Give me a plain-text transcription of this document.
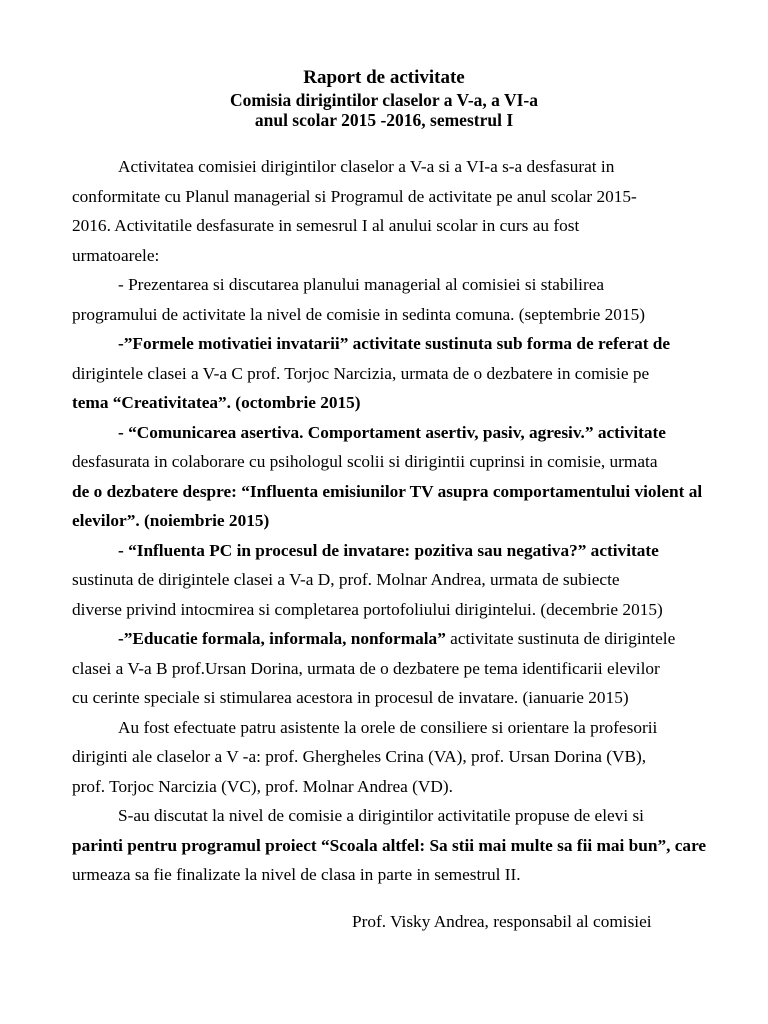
Raport de activitate
Comisia dirigintilor claselor a V-a, a VI-a
anul scolar 2015 -2016, semestrul I

Activitatea comisiei dirigintilor claselor a V-a si a VI-a s-a desfasurat in

conformitate cu Planul managerial si Programul de activitate pe anul scolar 2015-

2016. Activitatile desfasurate in semesrul I al anului scolar in curs au fost

urmatoarele:

- Prezentarea si discutarea planului managerial al comisiei si stabilirea

programului de activitate la nivel de comisie in sedinta comuna. (septembrie 2015)

-”Formele motivatiei invatarii” activitate sustinuta sub forma de referat de

dirigintele clasei a V-a C prof. Torjoc Narcizia, urmata de o dezbatere in comisie pe

tema “Creativitatea”. (octombrie 2015)

- “Comunicarea asertiva. Comportament asertiv, pasiv, agresiv.” activitate

desfasurata in colaborare cu psihologul scolii si dirigintii cuprinsi in comisie, urmata

de o dezbatere despre: “Influenta emisiunilor TV asupra comportamentului violent al

elevilor”. (noiembrie 2015)

- “Influenta PC in procesul de invatare: pozitiva sau negativa?” activitate

sustinuta de dirigintele clasei a V-a D, prof. Molnar Andrea, urmata de subiecte

diverse privind intocmirea si completarea portofoliului dirigintelui. (decembrie 2015)

-”Educatie formala, informala, nonformala” activitate sustinuta de dirigintele

clasei a V-a B prof.Ursan Dorina, urmata de o dezbatere pe tema identificarii elevilor

cu cerinte speciale si stimularea acestora in procesul de invatare. (ianuarie 2015)

Au fost efectuate patru asistente la orele de consiliere si orientare la profesorii

diriginti ale claselor a V -a: prof. Ghergheles Crina (VA), prof. Ursan Dorina (VB),

prof. Torjoc Narcizia (VC), prof. Molnar Andrea (VD).

S-au discutat la nivel de comisie a dirigintilor activitatile propuse de elevi si

parinti pentru programul proiect “Scoala altfel: Sa stii mai multe sa fii mai bun”, care

urmeaza sa fie finalizate la nivel de clasa in parte in semestrul II.

Prof. Visky Andrea, responsabil al comisiei
